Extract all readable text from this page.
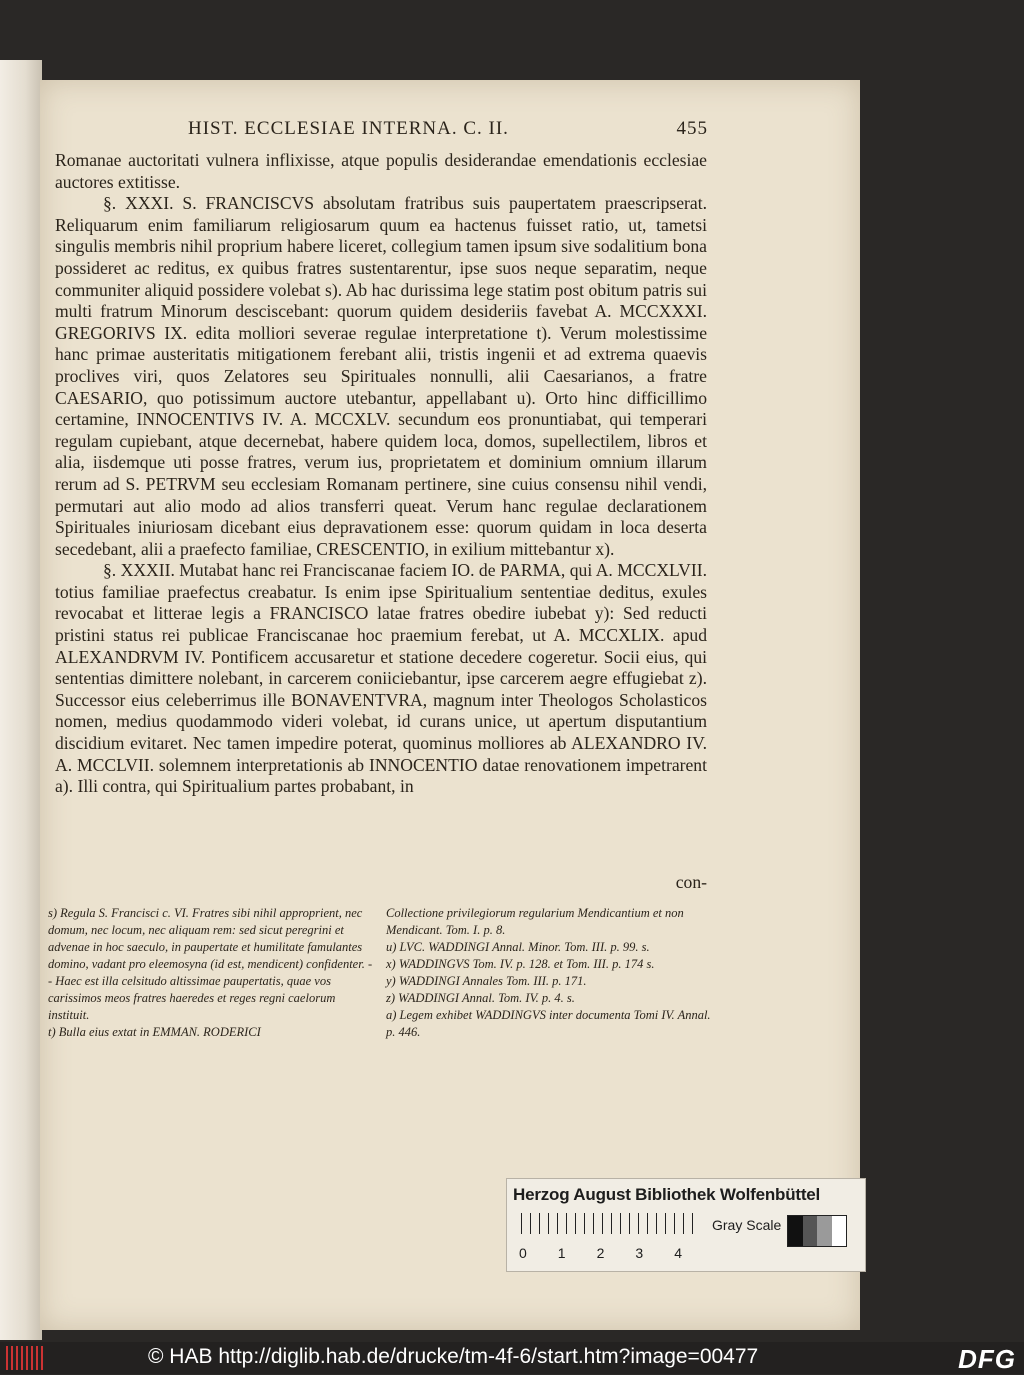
HIST. ECCLESIAE INTERNA. C. II.	455

Romanae auctoritati vulnera inflixisse, atque populis desiderandae emendationis ecclesiae auctores extitisse.

§. XXXI. S. FRANCISCVS absolutam fratribus suis paupertatem praescripserat. Reliquarum enim familiarum religiosarum quum ea hactenus fuisset ratio, ut, tametsi singulis membris nihil proprium habere liceret, collegium tamen ipsum sive sodalitium bona possideret ac reditus, ex quibus fratres sustentarentur, ipse suos neque separatim, neque communiter aliquid possidere volebat s). Ab hac durissima lege statim post obitum patris sui multi fratrum Minorum desciscebant: quorum quidem desideriis favebat A. MCCXXXI. GREGORIVS IX. edita molliori severae regulae interpretatione t). Verum molestissime hanc primae austeritatis mitigationem ferebant alii, tristis ingenii et ad extrema quaevis proclives viri, quos Zelatores seu Spirituales nonnulli, alii Caesarianos, a fratre CAESARIO, quo potissimum auctore utebantur, appellabant u). Orto hinc difficillimo certamine, INNOCENTIVS IV. A. MCCXLV. secundum eos pronuntiabat, qui temperari regulam cupiebant, atque decernebat, habere quidem loca, domos, supellectilem, libros et alia, iisdemque uti posse fratres, verum ius, proprietatem et dominium omnium illarum rerum ad S. PETRVM seu ecclesiam Romanam pertinere, sine cuius consensu nihil vendi, permutari aut alio modo ad alios transferri queat. Verum hanc regulae declarationem Spirituales iniuriosam dicebant eius depravationem esse: quorum quidam in loca deserta secedebant, alii a praefecto familiae, CRESCENTIO, in exilium mittebantur x).

§. XXXII. Mutabat hanc rei Franciscanae faciem IO. de PARMA, qui A. MCCXLVII. totius familiae praefectus creabatur. Is enim ipse Spiritualium sententiae deditus, exules revocabat et litterae legis a FRANCISCO latae fratres obedire iubebat y): Sed reducti pristini status rei publicae Franciscanae hoc praemium ferebat, ut A. MCCXLIX. apud ALEXANDRVM IV. Pontificem accusaretur et statione decedere cogeretur. Socii eius, qui sententias dimittere nolebant, in carcerem coniiciebantur, ipse carcerem aegre effugiebat z). Successor eius celeberrimus ille BONAVENTVRA, magnum inter Theologos Scholasticos nomen, medius quodammodo videri volebat, id curans unice, ut apertum disputantium discidium evitaret. Nec tamen impedire poterat, quominus molliores ab ALEXANDRO IV. A. MCCLVII. solemnem interpretationis ab INNOCENTIO datae renovationem impetrarent a). Illi contra, qui Spiritualium partes probabant, in

con-

s) Regula S. Francisci c. VI. Fratres sibi nihil approprient, nec domum, nec locum, nec aliquam rem: sed sicut peregrini et advenae in hoc saeculo, in paupertate et humilitate famulantes domino, vadant pro eleemosyna (id est, mendicent) confidenter. - - Haec est illa celsitudo altissimae paupertatis, quae vos carissimos meos fratres haeredes et reges regni caelorum instituit.

t) Bulla eius extat in EMMAN. RODERICI

Collectione privilegiorum regularium Mendicantium et non Mendicant. Tom. I. p. 8.

u) LVC. WADDINGI Annal. Minor. Tom. III. p. 99. s.

x) WADDINGVS Tom. IV. p. 128. et Tom. III. p. 174 s.

y) WADDINGI Annales Tom. III. p. 171.

z) WADDINGI Annal. Tom. IV. p. 4. s.

a) Legem exhibet WADDINGVS inter documenta Tomi IV. Annal. p. 446.

Herzog August Bibliothek Wolfenbüttel
Gray Scale
0 1 2 3 4
© HAB http://diglib.hab.de/drucke/tm-4f-6/start.htm?image=00477	DFG
